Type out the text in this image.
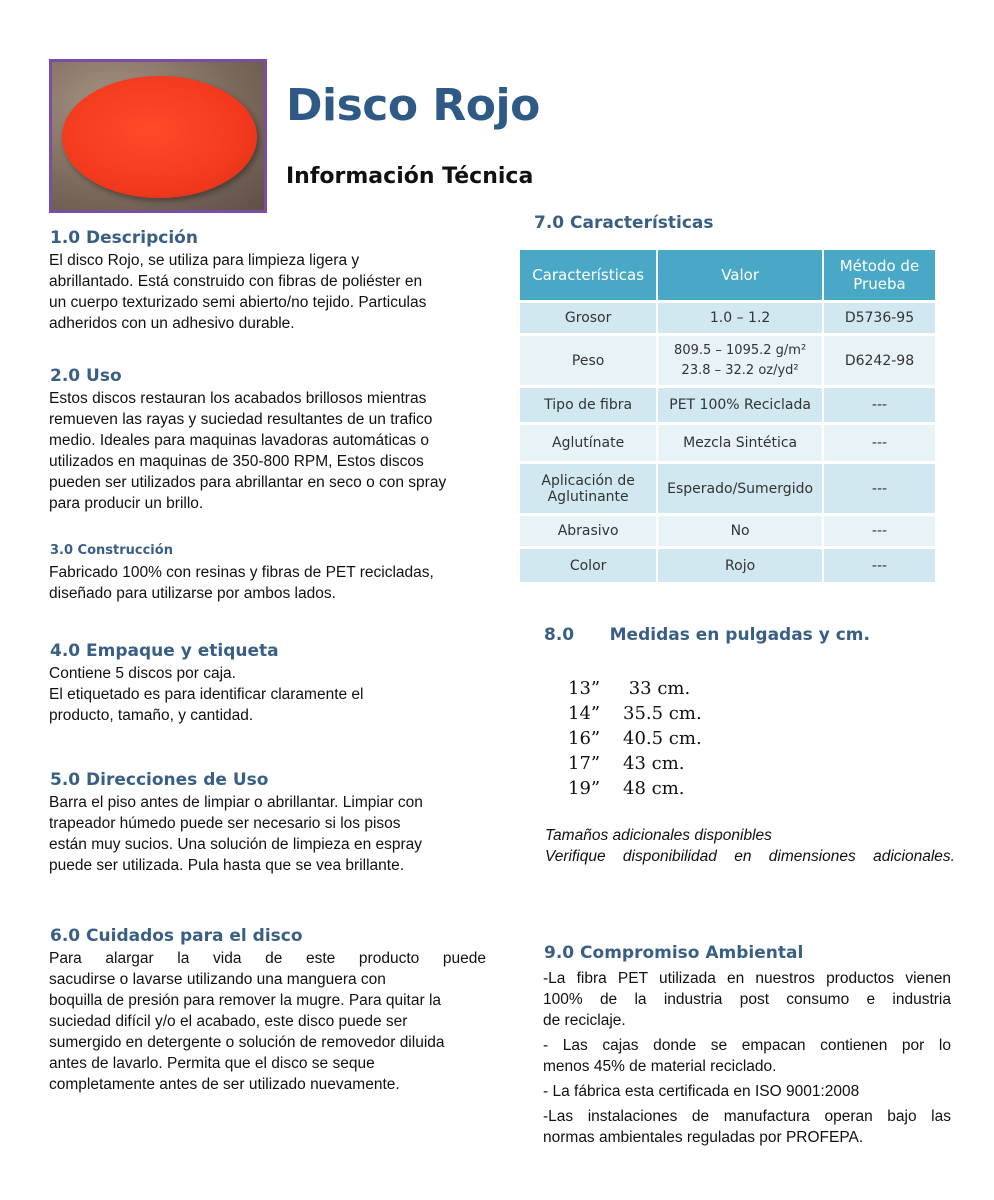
Disco Rojo
Información Técnica
1.0 Descripción
El disco Rojo, se utiliza para limpieza ligera y
abrillantado. Está construido con fibras de poliéster en
un cuerpo texturizado semi abierto/no tejido. Particulas
adheridos con un adhesivo durable.
2.0 Uso
Estos discos restauran los acabados brillosos mientras
remueven las rayas y suciedad resultantes de un trafico
medio. Ideales para maquinas lavadoras automáticas o
utilizados en maquinas de 350-800 RPM, Estos discos
pueden ser utilizados para abrillantar en seco o con spray
para producir un brillo.
3.0 Construcción
Fabricado 100% con resinas y fibras de PET recicladas,
diseñado para utilizarse por ambos lados.
4.0 Empaque y etiqueta
Contiene 5 discos por caja.
El etiquetado es para identificar claramente el
producto, tamaño, y cantidad.
5.0 Direcciones de Uso
Barra el piso antes de limpiar o abrillantar. Limpiar con
trapeador húmedo puede ser necesario si los pisos
están muy sucios. Una solución de limpieza en espray
puede ser utilizada. Pula hasta que se vea brillante.
6.0 Cuidados para el disco
Para alargar la vida de este producto puede
sacudirse o lavarse utilizando una manguera con
boquilla de presión para remover la mugre. Para quitar la
suciedad difícil y/o el acabado, este disco puede ser
sumergido en detergente o solución de removedor diluida
antes de lavarlo. Permita que el disco se seque
completamente antes de ser utilizado nuevamente.
7.0 Características
Características	Valor	Método de Prueba
Grosor	1.0 – 1.2	D5736-95
Peso	809.5 – 1095.2 g/m²
23.8 – 32.2 oz/yd²	D6242-98
Tipo de fibra	PET 100% Reciclada	---
Aglutínate	Mezcla Sintética	---
Aplicación de Aglutinante	Esperado/Sumergido	---
Abrasivo	No	---
Color	Rojo	---
8.0      Medidas en pulgadas y cm.
13”     33 cm.
14”    35.5 cm.
16”    40.5 cm.
17”    43 cm.
19”    48 cm.
Tamaños adicionales disponibles
Verifique disponibilidad en dimensiones adicionales.
9.0 Compromiso Ambiental
-La fibra PET utilizada en nuestros productos vienen
100% de la industria post consumo e industria
de reciclaje.
- Las cajas donde se empacan contienen por lo
menos 45% de material reciclado.
- La fábrica esta certificada en ISO 9001:2008
-Las instalaciones de manufactura operan bajo las
normas ambientales reguladas por PROFEPA.
